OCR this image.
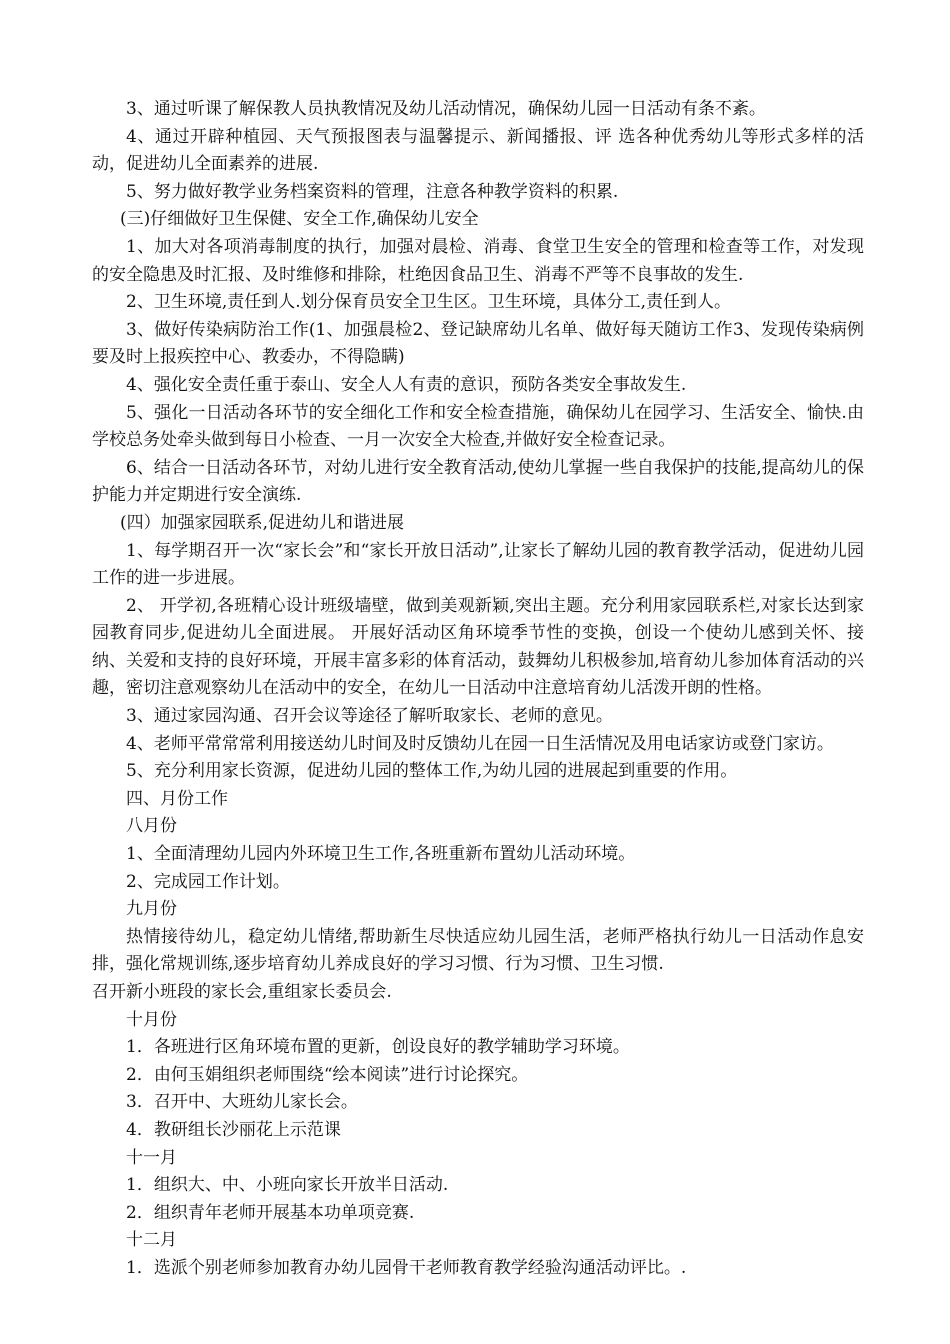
3、通过听课了解保教人员执教情况及幼儿活动情况，确保幼儿园一日活动有条不紊。

4、通过开辟种植园、天气预报图表与温馨提示、新闻播报、评 选各种优秀幼儿等形式多样的活动，促进幼儿全面素养的进展.

5、努力做好教学业务档案资料的管理，注意各种教学资料的积累.

(三)仔细做好卫生保健、安全工作,确保幼儿安全

1、加大对各项消毒制度的执行，加强对晨检、消毒、食堂卫生安全的管理和检查等工作，对发现的安全隐患及时汇报、及时维修和排除，杜绝因食品卫生、消毒不严等不良事故的发生.

2、卫生环境,责任到人.划分保育员安全卫生区。卫生环境，具体分工,责任到人。

3、做好传染病防治工作(1、加强晨检2、登记缺席幼儿名单、做好每天随访工作3、发现传染病例要及时上报疾控中心、教委办，不得隐瞒)

4、强化安全责任重于泰山、安全人人有责的意识，预防各类安全事故发生.

5、强化一日活动各环节的安全细化工作和安全检查措施，确保幼儿在园学习、生活安全、愉快.由学校总务处牵头做到每日小检查、一月一次安全大检查,并做好安全检查记录。

6、结合一日活动各环节，对幼儿进行安全教育活动,使幼儿掌握一些自我保护的技能,提高幼儿的保护能力并定期进行安全演练.

(四）加强家园联系,促进幼儿和谐进展

1、每学期召开一次“家长会”和“家长开放日活动”,让家长了解幼儿园的教育教学活动，促进幼儿园工作的进一步进展。

2、 开学初,各班精心设计班级墙壁，做到美观新颖,突出主题。充分利用家园联系栏,对家长达到家园教育同步,促进幼儿全面进展。 开展好活动区角环境季节性的变换，创设一个使幼儿感到关怀、接纳、关爱和支持的良好环境，开展丰富多彩的体育活动，鼓舞幼儿积极参加,培育幼儿参加体育活动的兴趣，密切注意观察幼儿在活动中的安全，在幼儿一日活动中注意培育幼儿活泼开朗的性格。

3、通过家园沟通、召开会议等途径了解听取家长、老师的意见。

4、老师平常常常利用接送幼儿时间及时反馈幼儿在园一日生活情况及用电话家访或登门家访。

5、充分利用家长资源，促进幼儿园的整体工作,为幼儿园的进展起到重要的作用。

四、月份工作

八月份

1、全面清理幼儿园内外环境卫生工作,各班重新布置幼儿活动环境。

2、完成园工作计划。

九月份

热情接待幼儿，稳定幼儿情绪,帮助新生尽快适应幼儿园生活，老师严格执行幼儿一日活动作息安排，强化常规训练,逐步培育幼儿养成良好的学习习惯、行为习惯、卫生习惯.

召开新小班段的家长会,重组家长委员会.

十月份

1．各班进行区角环境布置的更新，创设良好的教学辅助学习环境。

2．由何玉娟组织老师围绕“绘本阅读”进行讨论探究。

3．召开中、大班幼儿家长会。

4．教研组长沙丽花上示范课

十一月

1．组织大、中、小班向家长开放半日活动.

2．组织青年老师开展基本功单项竞赛.

十二月

1．选派个别老师参加教育办幼儿园骨干老师教育教学经验沟通活动评比。.
